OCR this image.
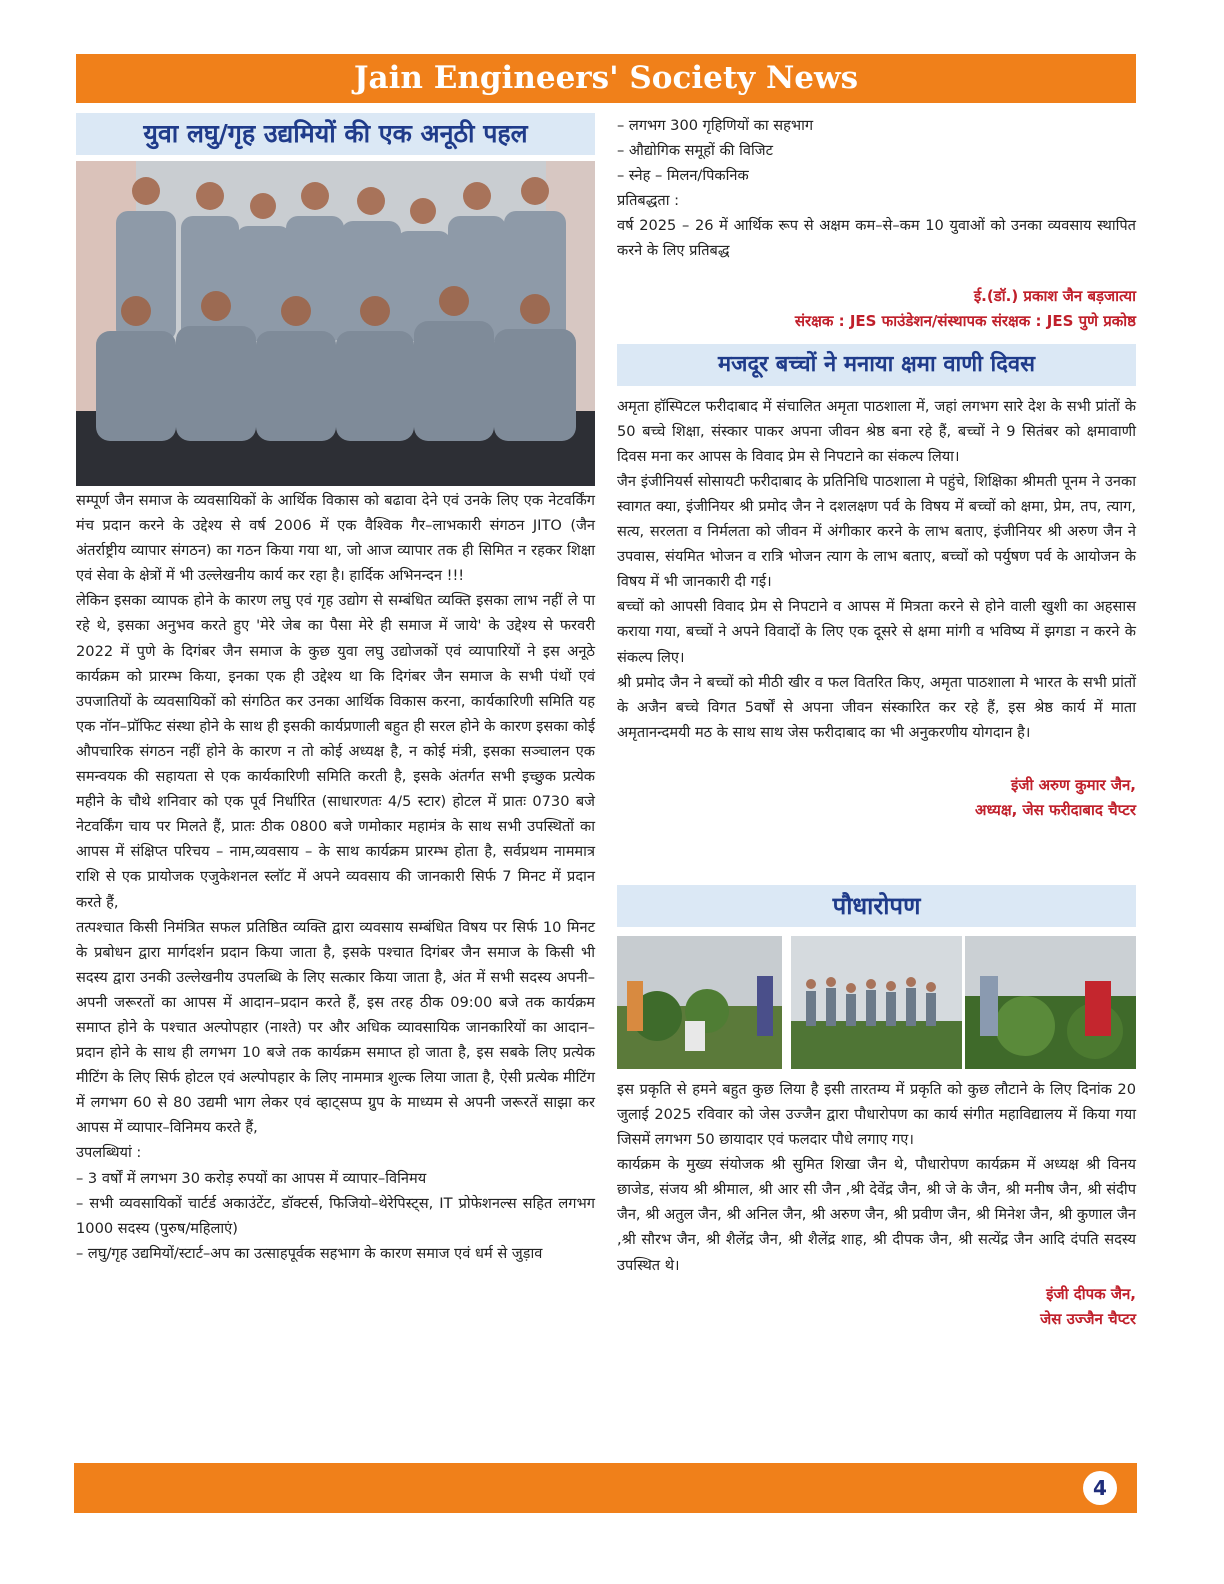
Jain Engineers' Society News
युवा लघु/गृह उद्यमियों की एक अनूठी पहल

सम्पूर्ण जैन समाज के व्यवसायिकों के आर्थिक विकास को बढावा देने एवं उनके लिए एक नेटवर्किंग मंच प्रदान करने के उद्देश्य से वर्ष 2006 में एक वैश्विक गैर–लाभकारी संगठन JITO (जैन अंतर्राष्ट्रीय व्यापार संगठन) का गठन किया गया था, जो आज व्यापार तक ही सिमित न रहकर शिक्षा एवं सेवा के क्षेत्रों में भी उल्लेखनीय कार्य कर रहा है। हार्दिक अभिनन्दन !!!

लेकिन इसका व्यापक होने के कारण लघु एवं गृह उद्योग से सम्बंधित व्यक्ति इसका लाभ नहीं ले पा रहे थे, इसका अनुभव करते हुए 'मेरे जेब का पैसा मेरे ही समाज में जाये' के उद्देश्य से फरवरी 2022 में पुणे के दिगंबर जैन समाज के कुछ युवा लघु उद्योजकों एवं व्यापारियों ने इस अनूठे कार्यक्रम को प्रारम्भ किया, इनका एक ही उद्देश्य था कि दिगंबर जैन समाज के सभी पंथों एवं उपजातियों के व्यवसायिकों को संगठित कर उनका आर्थिक विकास करना, कार्यकारिणी समिति यह एक नॉन–प्रॉफिट संस्था होने के साथ ही इसकी कार्यप्रणाली बहुत ही सरल होने के कारण इसका कोई औपचारिक संगठन नहीं होने के कारण न तो कोई अध्यक्ष है, न कोई मंत्री, इसका सञ्चालन एक समन्वयक की सहायता से एक कार्यकारिणी समिति करती है, इसके अंतर्गत सभी इच्छुक प्रत्येक महीने के चौथे शनिवार को एक पूर्व निर्धारित (साधारणतः 4/5 स्टार) होटल में प्रातः 0730 बजे नेटवर्किंग चाय पर मिलते हैं, प्रातः ठीक 0800 बजे णमोकार महामंत्र के साथ सभी उपस्थितों का आपस में संक्षिप्त परिचय – नाम,व्यवसाय – के साथ कार्यक्रम प्रारम्भ होता है, सर्वप्रथम नाममात्र राशि से एक प्रायोजक एजुकेशनल स्लॉट में अपने व्यवसाय की जानकारी सिर्फ 7 मिनट में प्रदान करते हैं,

तत्पश्चात किसी निमंत्रित सफल प्रतिष्ठित व्यक्ति द्वारा व्यवसाय सम्बंधित विषय पर सिर्फ 10 मिनट के प्रबोधन द्वारा मार्गदर्शन प्रदान किया जाता है, इसके पश्चात दिगंबर जैन समाज के किसी भी सदस्य द्वारा उनकी उल्लेखनीय उपलब्धि के लिए सत्कार किया जाता है, अंत में सभी सदस्य अपनी–अपनी जरूरतों का आपस में आदान–प्रदान करते हैं, इस तरह ठीक 09:00 बजे तक कार्यक्रम समाप्त होने के पश्चात अल्पोपहार (नाश्ते) पर और अधिक व्यावसायिक जानकारियों का आदान–प्रदान होने के साथ ही लगभग 10 बजे तक कार्यक्रम समाप्त हो जाता है, इस सबके लिए प्रत्येक मीटिंग के लिए सिर्फ होटल एवं अल्पोपहार के लिए नाममात्र शुल्क लिया जाता है, ऐसी प्रत्येक मीटिंग में लगभग 60 से 80 उद्यमी भाग लेकर एवं व्हाट्सप्प ग्रुप के माध्यम से अपनी जरूरतें साझा कर आपस में व्यापार–विनिमय करते हैं,

उपलब्धियां :

– 3 वर्षों में लगभग 30 करोड़ रुपयों का आपस में व्यापार–विनिमय

– सभी व्यवसायिकों चार्टर्ड अकाउंटेंट, डॉक्टर्स, फिजियो–थेरेपिस्ट्स, IT प्रोफेशनल्स सहित लगभग 1000 सदस्य (पुरुष/महिलाएं)

– लघु/गृह उद्यमियों/स्टार्ट–अप का उत्साहपूर्वक सहभाग के कारण समाज एवं धर्म से जुड़ाव

– लगभग 300 गृहिणियों का सहभाग

– औद्योगिक समूहों की विजिट

– स्नेह – मिलन/पिकनिक

प्रतिबद्धता :

वर्ष 2025 – 26 में आर्थिक रूप से अक्षम कम–से–कम 10 युवाओं को उनका व्यवसाय स्थापित करने के लिए प्रतिबद्ध

ई.(डॉ.) प्रकाश जैन बड़जात्या
संरक्षक : JES फाउंडेशन/संस्थापक संरक्षक : JES पुणे प्रकोष्ठ
मजदूर बच्चों ने मनाया क्षमा वाणी दिवस

अमृता हॉस्पिटल फरीदाबाद में संचालित अमृता पाठशाला में, जहां लगभग सारे देश के सभी प्रांतों के 50 बच्चे शिक्षा, संस्कार पाकर अपना जीवन श्रेष्ठ बना रहे हैं, बच्चों ने 9 सितंबर को क्षमावाणी दिवस मना कर आपस के विवाद प्रेम से निपटाने का संकल्प लिया।

जैन इंजीनियर्स सोसायटी फरीदाबाद के प्रतिनिधि पाठशाला मे पहुंचे, शिक्षिका श्रीमती पूनम ने उनका स्वागत क्या, इंजीनियर श्री प्रमोद जैन ने दशलक्षण पर्व के विषय में बच्चों को क्षमा, प्रेम, तप, त्याग, सत्य, सरलता व निर्मलता को जीवन में अंगीकार करने के लाभ बताए, इंजीनियर श्री अरुण जैन ने उपवास, संयमित भोजन व रात्रि भोजन त्याग के लाभ बताए, बच्चों को पर्युषण पर्व के आयोजन के विषय में भी जानकारी दी गई।

बच्चों को आपसी विवाद प्रेम से निपटाने व आपस में मित्रता करने से होने वाली खुशी का अहसास कराया गया, बच्चों ने अपने विवादों के लिए एक दूसरे से क्षमा मांगी व भविष्य में झगडा न करने के संकल्प लिए।

श्री प्रमोद जैन ने बच्चों को मीठी खीर व फल वितरित किए, अमृता पाठशाला मे भारत के सभी प्रांतों के अजैन बच्चे विगत 5वर्षों से अपना जीवन संस्कारित कर रहे हैं, इस श्रेष्ठ कार्य में माता अमृतानन्दमयी मठ के साथ साथ जेस फरीदाबाद का भी अनुकरणीय योगदान है।

इंजी अरुण कुमार जैन,
अध्यक्ष, जेस फरीदाबाद चैप्टर
पौधारोपण

इस प्रकृति से हमने बहुत कुछ लिया है इसी तारतम्य में प्रकृति को कुछ लौटाने के लिए दिनांक 20 जुलाई 2025 रविवार को जेस उज्जैन द्वारा पौधारोपण का कार्य संगीत महाविद्यालय में किया गया जिसमें लगभग 50 छायादार एवं फलदार पौधे लगाए गए।

कार्यक्रम के मुख्य संयोजक श्री सुमित शिखा जैन थे, पौधारोपण कार्यक्रम में अध्यक्ष श्री विनय छाजेड, संजय श्री श्रीमाल, श्री आर सी जैन ,श्री देवेंद्र जैन, श्री जे के जैन, श्री मनीष जैन, श्री संदीप जैन, श्री अतुल जैन, श्री अनिल जैन, श्री अरुण जैन, श्री प्रवीण जैन, श्री मिनेश जैन, श्री कुणाल जैन ,श्री सौरभ जैन, श्री शैलेंद्र जैन, श्री शैलेंद्र शाह, श्री दीपक जैन, श्री सत्येंद्र जैन आदि दंपति सदस्य उपस्थित थे।

इंजी दीपक जैन,
जेस उज्जैन चैप्टर
4
